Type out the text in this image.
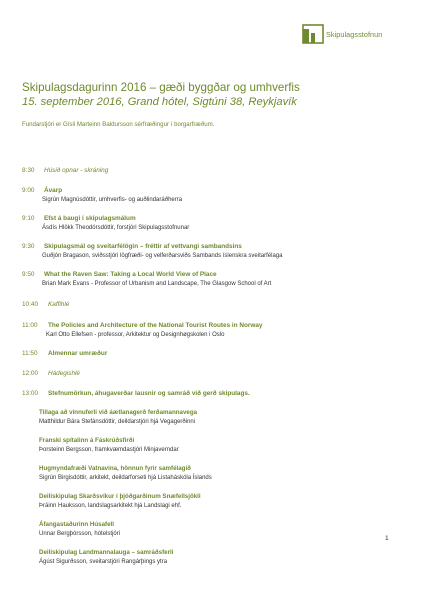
Skipulagsstofnun
Skipulagsdagurinn 2016 – gæði byggðar og umhverfis
15. september 2016, Grand hótel, Sigtúni 38, Reykjavík
Fundarstjóri er Gísli Marteinn Baldursson sérfræðingur í borgarfræðum.
8:30 Húsið opnar - skráning
9:00 Ávarp
Sigrún Magnúsdóttir, umhverfis- og auðlindaráðherra
9:10 Efst á baugi í skipulagsmálum
Ásdís Hlökk Theodórsdóttir, forstjóri Skipulagsstofnunar
9:30 Skipulagsmál og sveitarfélögin – fréttir af vettvangi sambandsins
Guðjón Bragason, sviðsstjóri lögfræði- og velferðarsviðs Sambands íslenskra sveitarfélaga
9:50 What the Raven Saw: Taking a Local World View of Place
Brian Mark Evans - Professor of Urbanism and Landscape, The Glasgow School of Art
10:40 Kaffihlé
11:00 The Policies and Architecture of the National Tourist Routes in Norway
Karl Otto Ellefsen - professor, Arkitektur og Designhøgskolen i Oslo
11:50 Almennar umræður
12:00 Hádegishlé
13:00 Stefnumörkun, áhugaverðar lausnir og samráð við gerð skipulags.
Tillaga að vinnuferli við áætlanagerð ferðamannavega
Matthildur Bára Stefánsdóttir, deildarstjóri hjá Vegagerðinni
Franski spítalinn á Fáskrúðsfirði
Þorsteinn Bergsson, framkvæmdastjóri Minjaverndar
Hugmyndafræði Vatnavina, hönnun fyrir samfélagið
Sigrún Birgisdóttir, arkitekt, deildarforseti hjá Listaháskóla Íslands
Deiliskipulag Skarðsvíkur í þjóðgarðinum Snæfellsjökli
Þráinn Hauksson, landslagsarkitekt hjá Landslagi ehf.
Áfangastaðurinn Húsafell
Unnar Bergþórsson, hótelstjóri
Deiliskipulag Landmannalauga – samráðsferli
Ágúst Sigurðsson, sveitarstjóri Rangárþings ytra
1
